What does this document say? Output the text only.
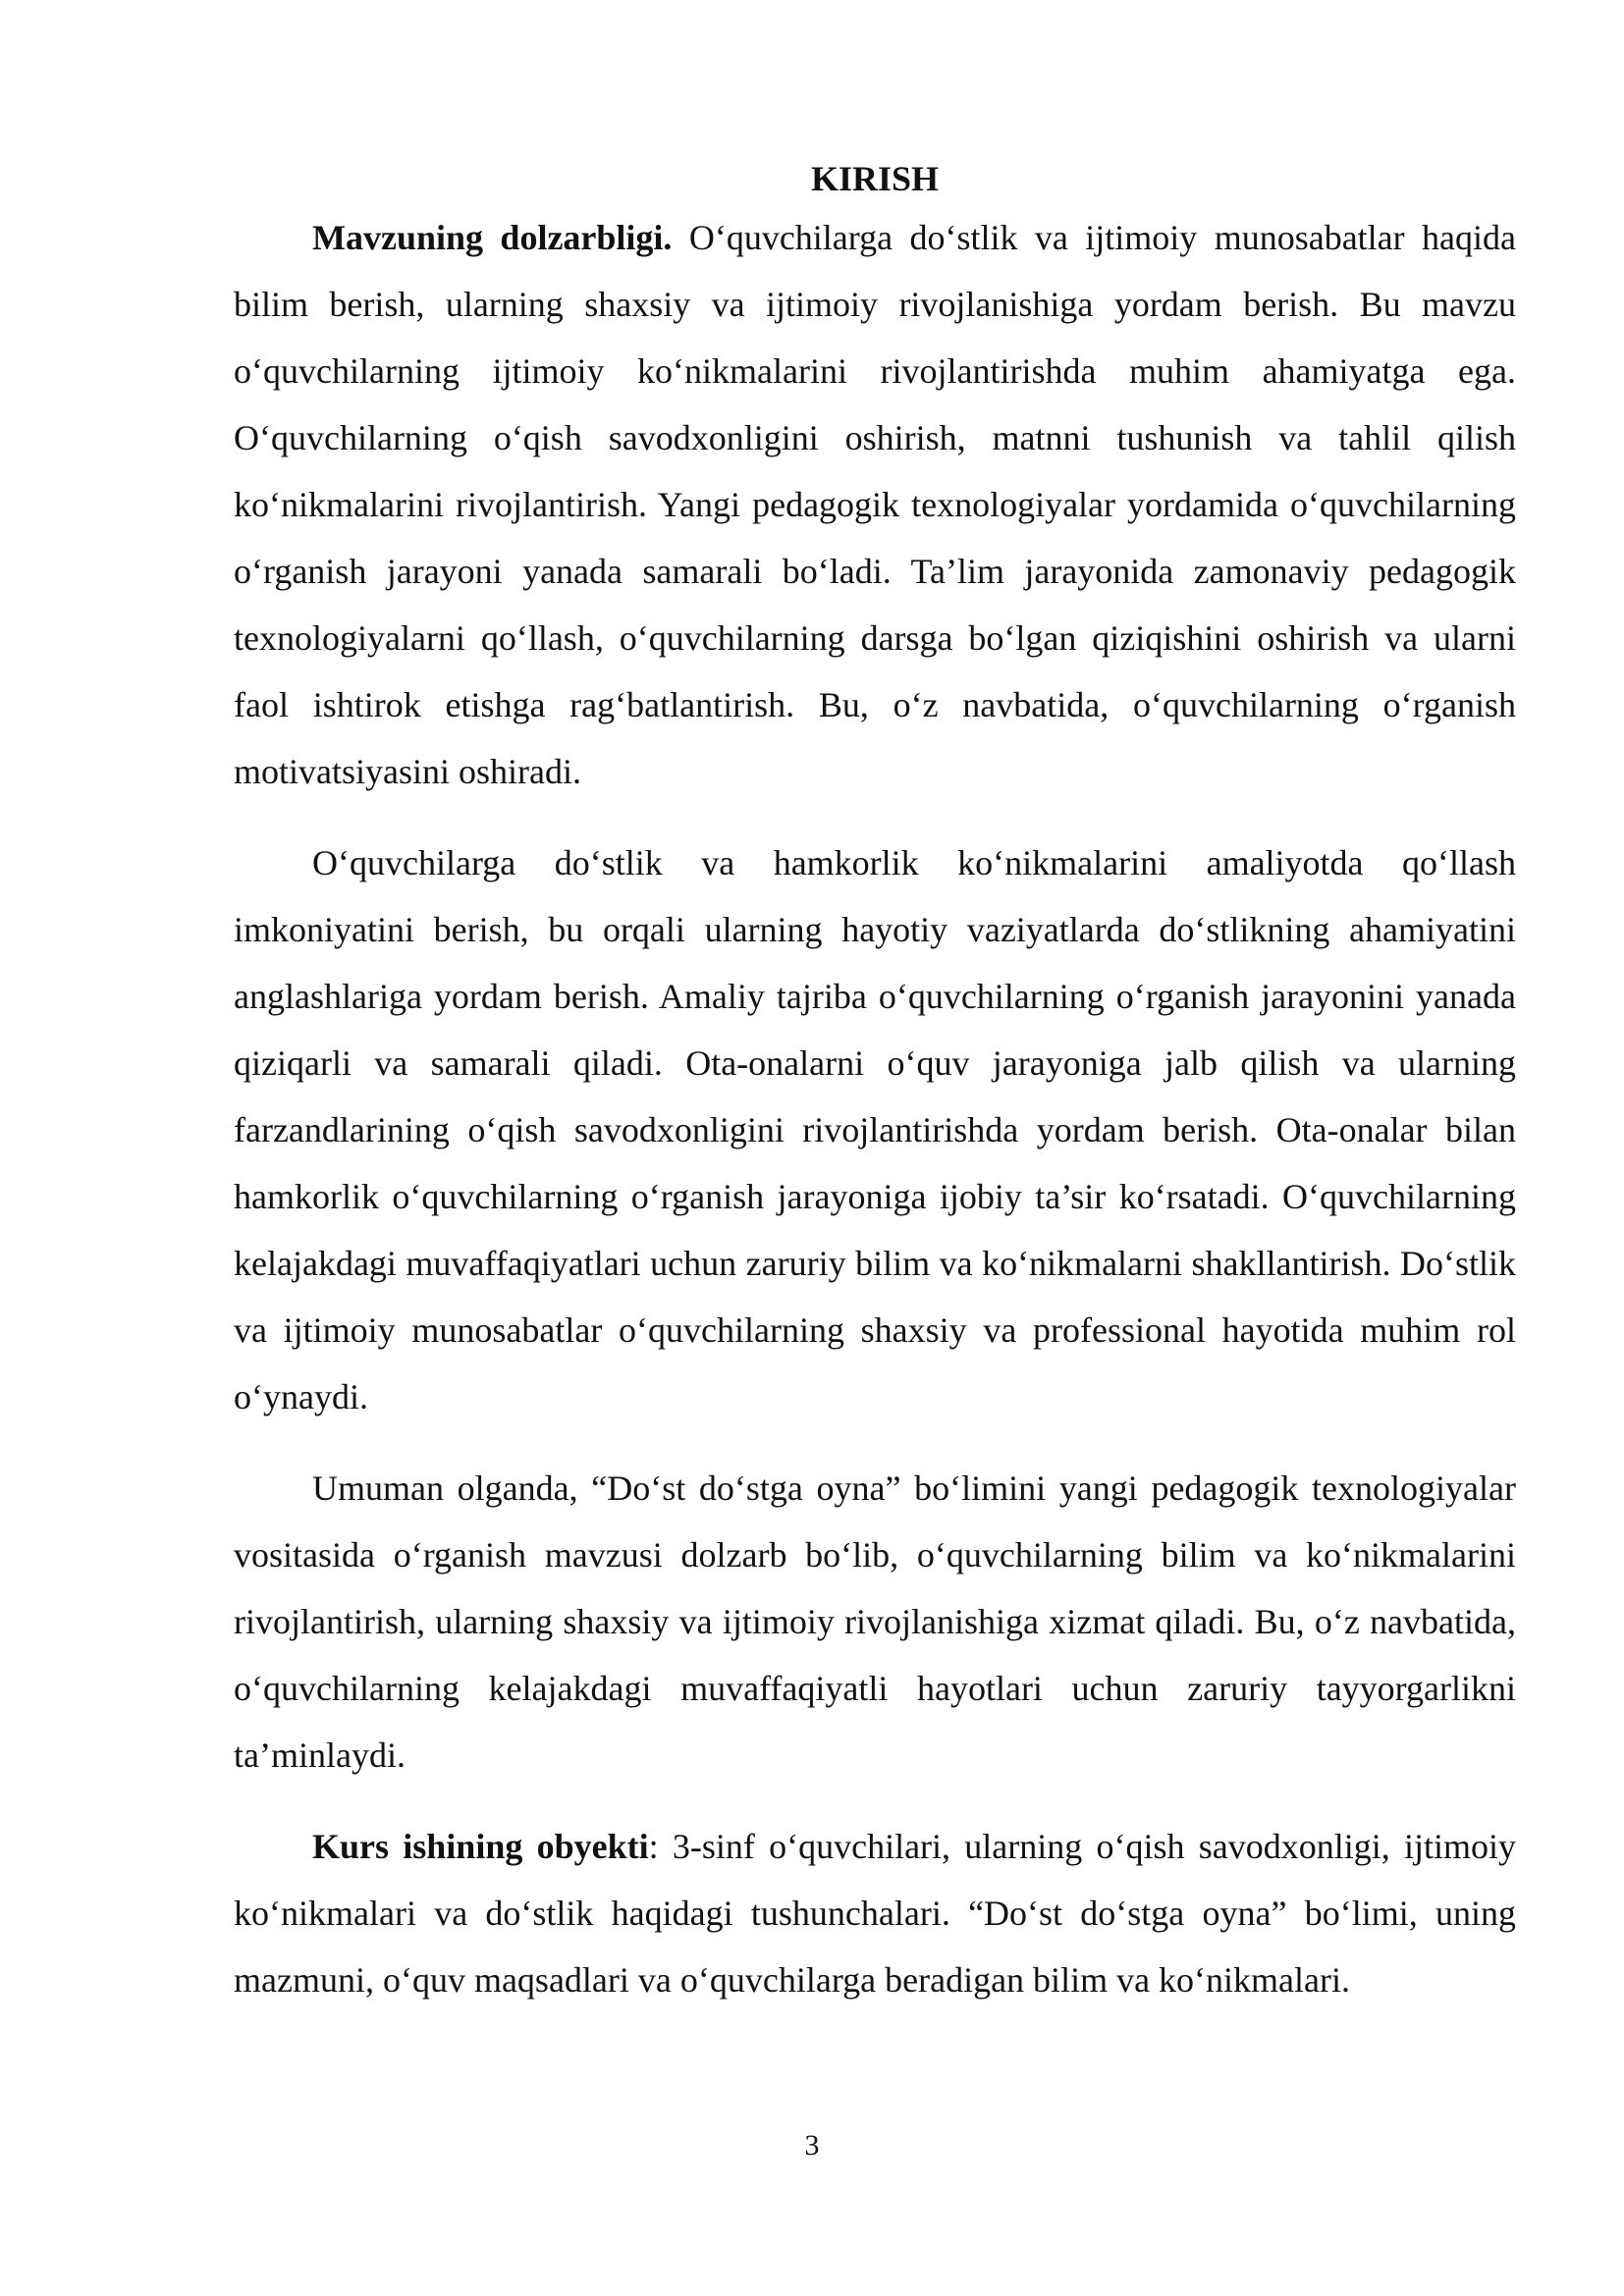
KIRISH

Mavzuning dolzarbligi. O‘quvchilarga do‘stlik va ijtimoiy munosabatlar haqida bilim berish, ularning shaxsiy va ijtimoiy rivojlanishiga yordam berish. Bu mavzu o‘quvchilarning ijtimoiy ko‘nikmalarini rivojlantirishda muhim ahamiyatga ega. O‘quvchilarning o‘qish savodxonligini oshirish, matnni tushunish va tahlil qilish ko‘nikmalarini rivojlantirish. Yangi pedagogik texnologiyalar yordamida o‘quvchilarning o‘rganish jarayoni yanada samarali bo‘ladi. Ta’lim jarayonida zamonaviy pedagogik texnologiyalarni qo‘llash, o‘quvchilarning darsga bo‘lgan qiziqishini oshirish va ularni faol ishtirok etishga rag‘batlantirish. Bu, o‘z navbatida, o‘quvchilarning o‘rganish motivatsiyasini oshiradi.

O‘quvchilarga do‘stlik va hamkorlik ko‘nikmalarini amaliyotda qo‘llash imkoniyatini berish, bu orqali ularning hayotiy vaziyatlarda do‘stlikning ahamiyatini anglashlariga yordam berish. Amaliy tajriba o‘quvchilarning o‘rganish jarayonini yanada qiziqarli va samarali qiladi. Ota-onalarni o‘quv jarayoniga jalb qilish va ularning farzandlarining o‘qish savodxonligini rivojlantirishda yordam berish. Ota-onalar bilan hamkorlik o‘quvchilarning o‘rganish jarayoniga ijobiy ta’sir ko‘rsatadi. O‘quvchilarning kelajakdagi muvaffaqiyatlari uchun zaruriy bilim va ko‘nikmalarni shakllantirish. Do‘stlik va ijtimoiy munosabatlar o‘quvchilarning shaxsiy va professional hayotida muhim rol o‘ynaydi.

Umuman olganda, “Do‘st do‘stga oyna” bo‘limini yangi pedagogik texnologiyalar vositasida o‘rganish mavzusi dolzarb bo‘lib, o‘quvchilarning bilim va ko‘nikmalarini rivojlantirish, ularning shaxsiy va ijtimoiy rivojlanishiga xizmat qiladi. Bu, o‘z navbatida, o‘quvchilarning kelajakdagi muvaffaqiyatli hayotlari uchun zaruriy tayyorgarlikni ta’minlaydi.

Kurs ishining obyekti: 3-sinf o‘quvchilari, ularning o‘qish savodxonligi, ijtimoiy ko‘nikmalari va do‘stlik haqidagi tushunchalari. “Do‘st do‘stga oyna” bo‘limi, uning mazmuni, o‘quv maqsadlari va o‘quvchilarga beradigan bilim va ko‘nikmalari.

3
